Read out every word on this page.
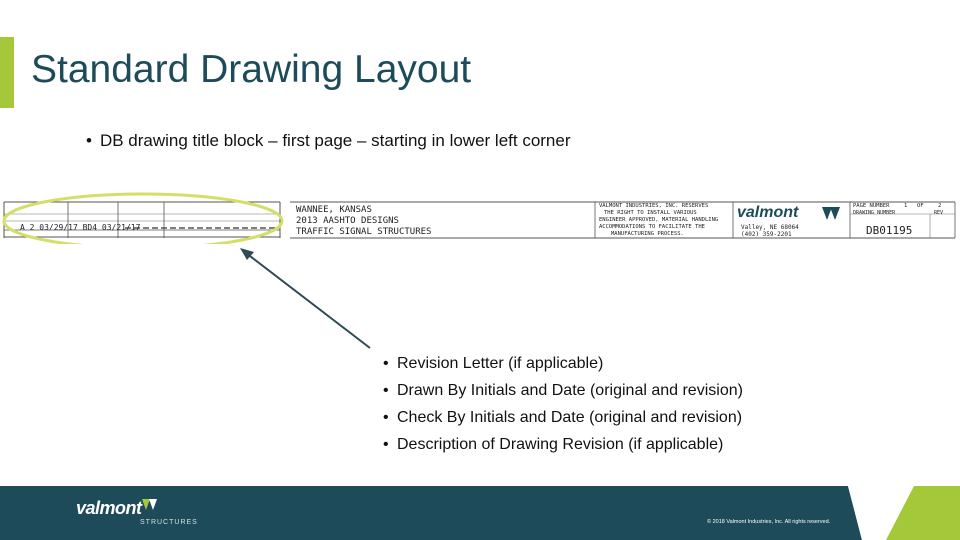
Standard Drawing Layout
• DB drawing title block – first page – starting in lower left corner
A 2 03/29/17 BD4 03/21/17
WANNEE, KANSAS
2013 AASHTO DESIGNS
TRAFFIC SIGNAL STRUCTURES
VALMONT INDUSTRIES, INC. RESERVES
THE RIGHT TO INSTALL VARIOUS
ENGINEER APPROVED, MATERIAL HANDLING
ACCOMMODATIONS TO FACILITATE THE
MANUFACTURING PROCESS.
valmont
Valley, NE 68064
(402) 359-2201
PAGE NUMBER	1 OF	2
DRAWING NUMBER	REV
DB01195
• Revision Letter (if applicable)
• Drawn By Initials and Date (original and revision)
• Check By Initials and Date (original and revision)
• Description of Drawing Revision (if applicable)
valmont
STRUCTURES	© 2018 Valmont Industries, Inc. All rights reserved.
